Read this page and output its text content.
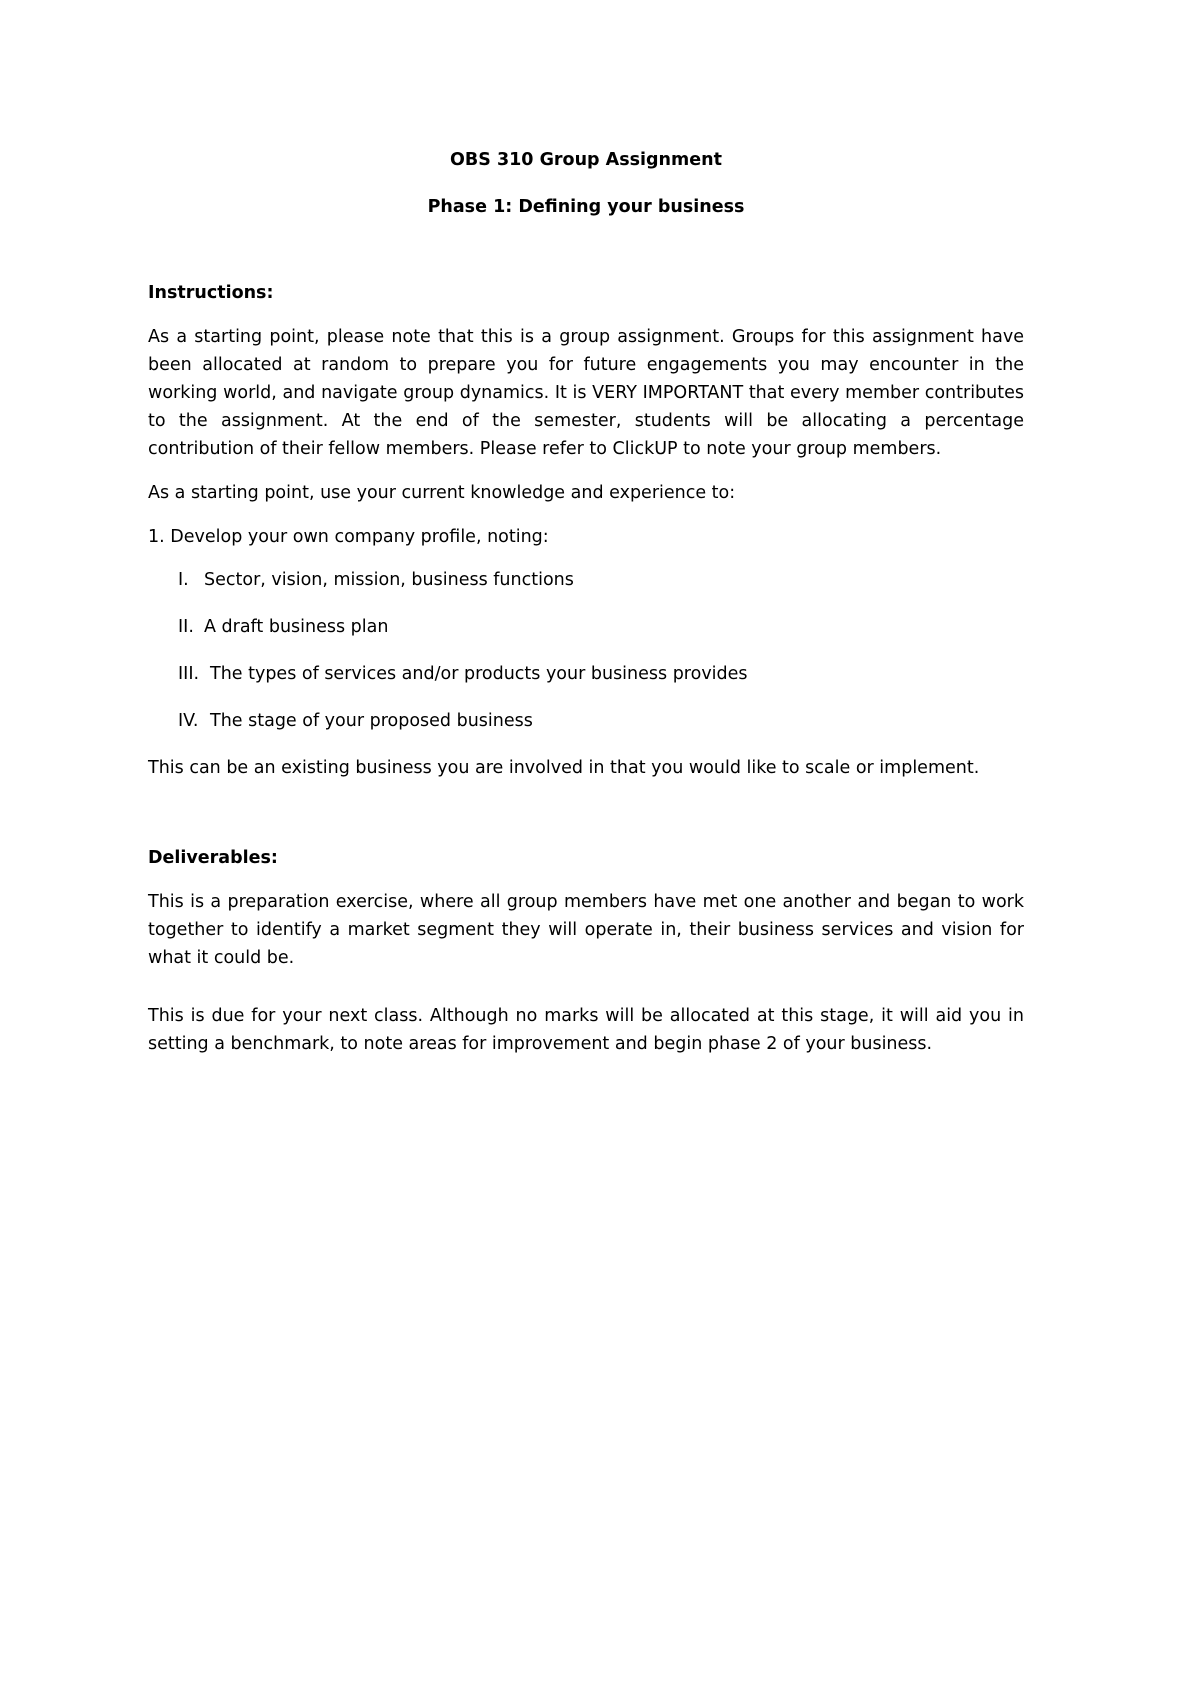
OBS 310 Group Assignment

Phase 1: Defining your business

Instructions:

As a starting point, please note that this is a group assignment. Groups for this assignment have been allocated at random to prepare you for future engagements you may encounter in the working world, and navigate group dynamics. It is VERY IMPORTANT that every member contributes to the assignment. At the end of the semester, students will be allocating a percentage contribution of their fellow members. Please refer to ClickUP to note your group members.

As a starting point, use your current knowledge and experience to:

1. Develop your own company profile, noting:

I. Sector, vision, mission, business functions
II. A draft business plan
III. The types of services and/or products your business provides
IV. The stage of your proposed business

This can be an existing business you are involved in that you would like to scale or implement.

Deliverables:

This is a preparation exercise, where all group members have met one another and began to work together to identify a market segment they will operate in, their business services and vision for what it could be.

This is due for your next class. Although no marks will be allocated at this stage, it will aid you in setting a benchmark, to note areas for improvement and begin phase 2 of your business.
